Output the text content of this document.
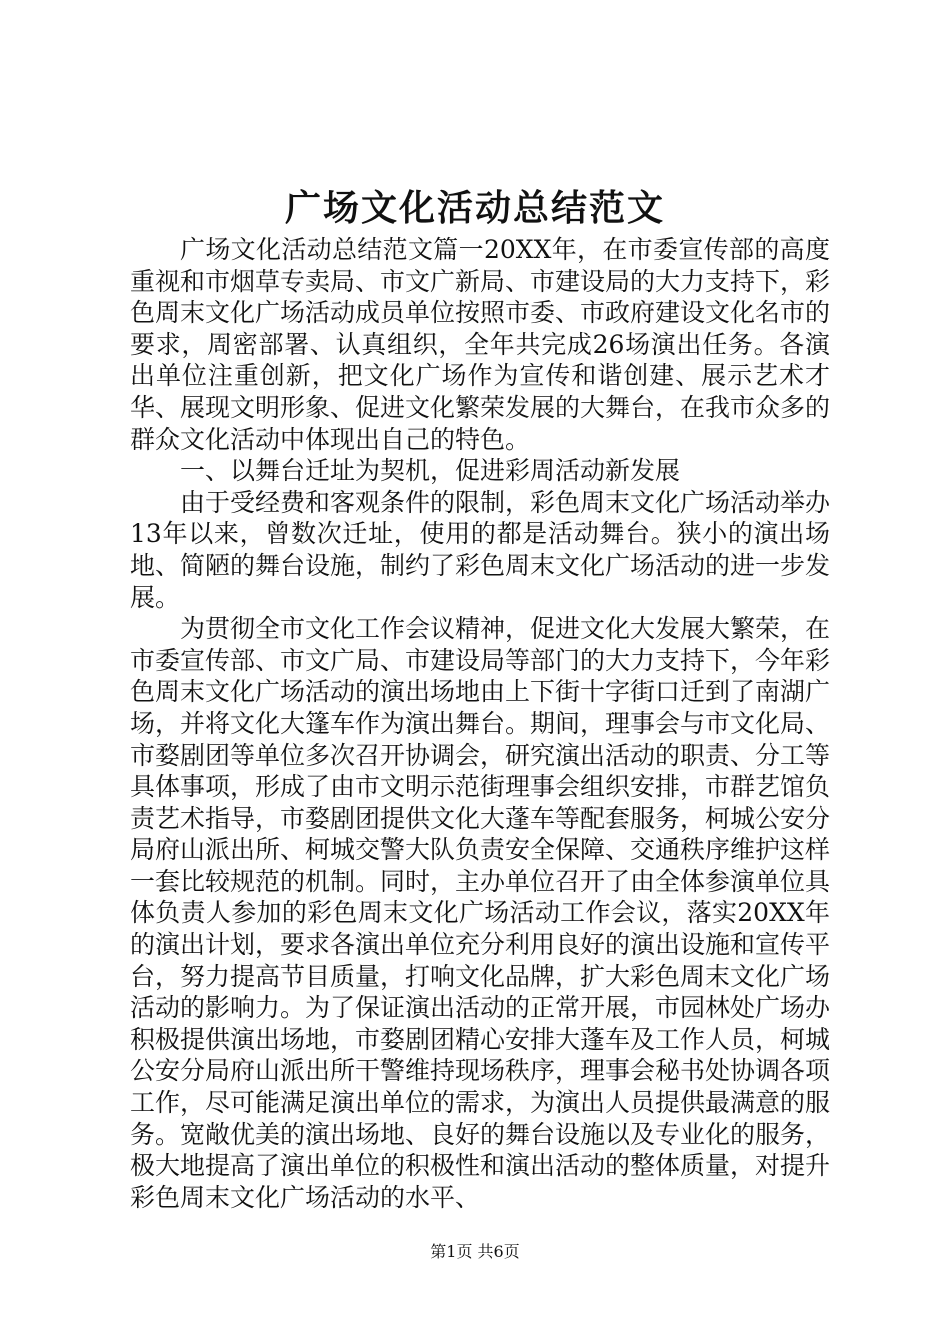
广场文化活动总结范文

广场文化活动总结范文篇一20XX年，在市委宣传部的高度重视和市烟草专卖局、市文广新局、市建设局的大力支持下，彩色周末文化广场活动成员单位按照市委、市政府建设文化名市的要求，周密部署、认真组织，全年共完成26场演出任务。各演出单位注重创新，把文化广场作为宣传和谐创建、展示艺术才华、展现文明形象、促进文化繁荣发展的大舞台，在我市众多的群众文化活动中体现出自己的特色。

一、以舞台迁址为契机，促进彩周活动新发展

由于受经费和客观条件的限制，彩色周末文化广场活动举办13年以来，曾数次迁址，使用的都是活动舞台。狭小的演出场地、简陋的舞台设施，制约了彩色周末文化广场活动的进一步发展。

为贯彻全市文化工作会议精神，促进文化大发展大繁荣，在市委宣传部、市文广局、市建设局等部门的大力支持下，今年彩色周末文化广场活动的演出场地由上下街十字街口迁到了南湖广场，并将文化大篷车作为演出舞台。期间，理事会与市文化局、市婺剧团等单位多次召开协调会，研究演出活动的职责、分工等具体事项，形成了由市文明示范街理事会组织安排，市群艺馆负责艺术指导，市婺剧团提供文化大蓬车等配套服务，柯城公安分局府山派出所、柯城交警大队负责安全保障、交通秩序维护这样一套比较规范的机制。同时，主办单位召开了由全体参演单位具体负责人参加的彩色周末文化广场活动工作会议，落实20XX年的演出计划，要求各演出单位充分利用良好的演出设施和宣传平台，努力提高节目质量，打响文化品牌，扩大彩色周末文化广场活动的影响力。为了保证演出活动的正常开展，市园林处广场办积极提供演出场地，市婺剧团精心安排大蓬车及工作人员，柯城公安分局府山派出所干警维持现场秩序，理事会秘书处协调各项工作，尽可能满足演出单位的需求，为演出人员提供最满意的服务。宽敞优美的演出场地、良好的舞台设施以及专业化的服务，极大地提高了演出单位的积极性和演出活动的整体质量，对提升彩色周末文化广场活动的水平、

第1页 共6页
